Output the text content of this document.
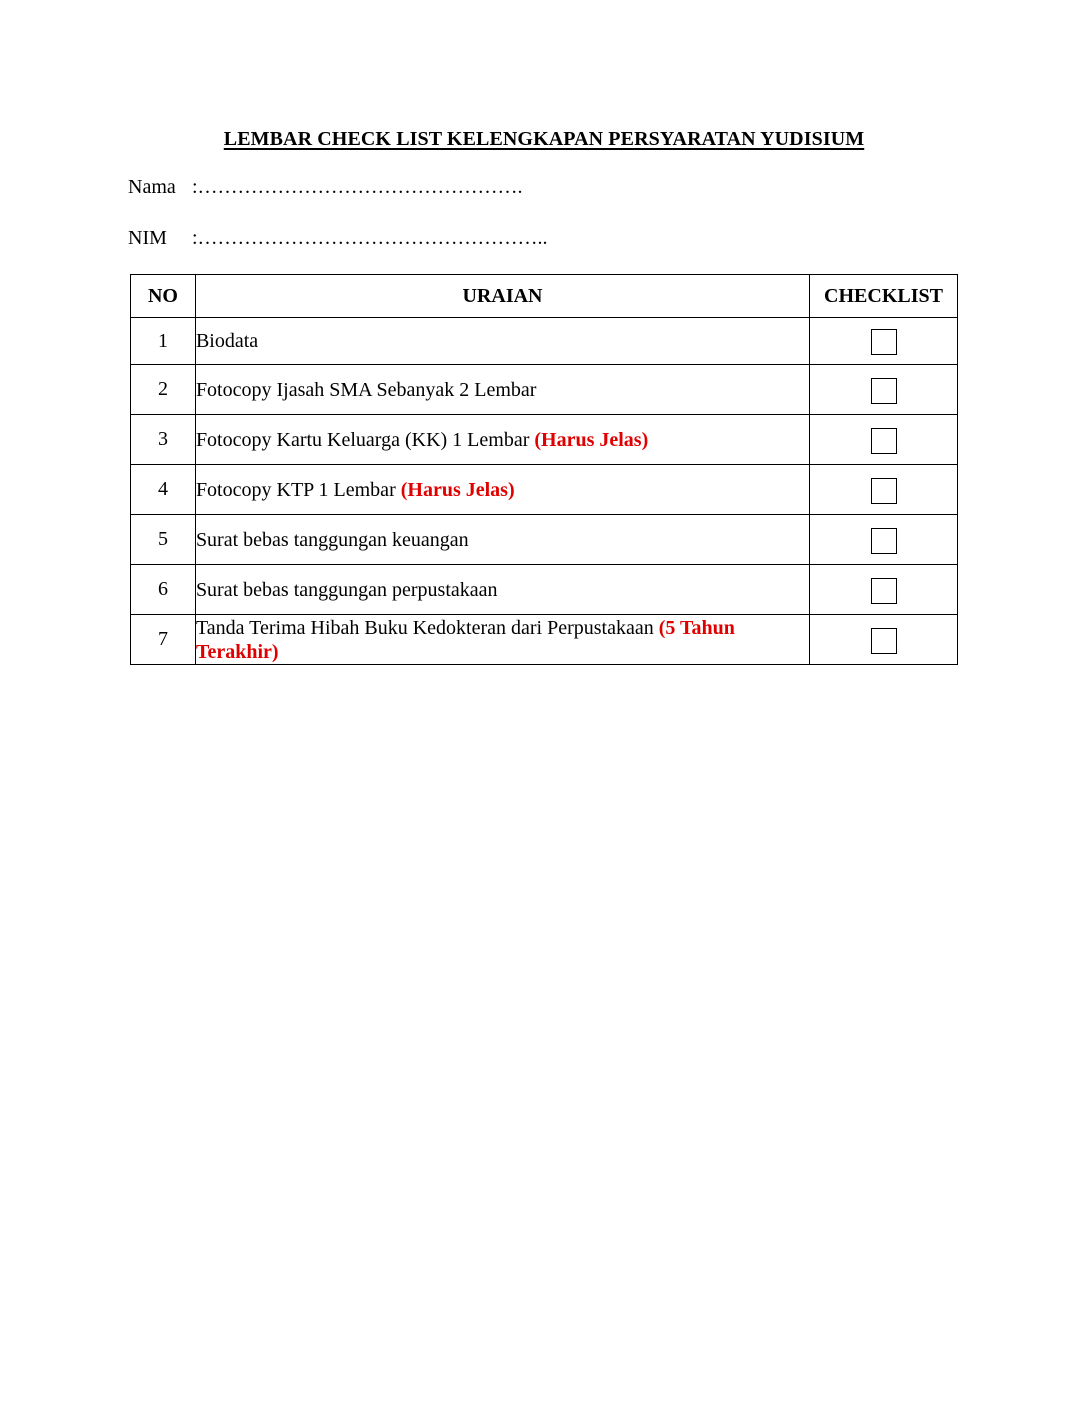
LEMBAR CHECK LIST KELENGKAPAN PERSYARATAN YUDISIUM
Nama :………………………………………….
NIM :……………………………………………..
NO	URAIAN	CHECKLIST
1	Biodata	
2	Fotocopy Ijasah SMA Sebanyak 2 Lembar	
3	Fotocopy Kartu Keluarga (KK) 1 Lembar (Harus Jelas)	
4	Fotocopy KTP 1 Lembar (Harus Jelas)	
5	Surat bebas tanggungan keuangan	
6	Surat bebas tanggungan perpustakaan	
7	Tanda Terima Hibah Buku Kedokteran dari Perpustakaan (5 Tahun Terakhir)	
